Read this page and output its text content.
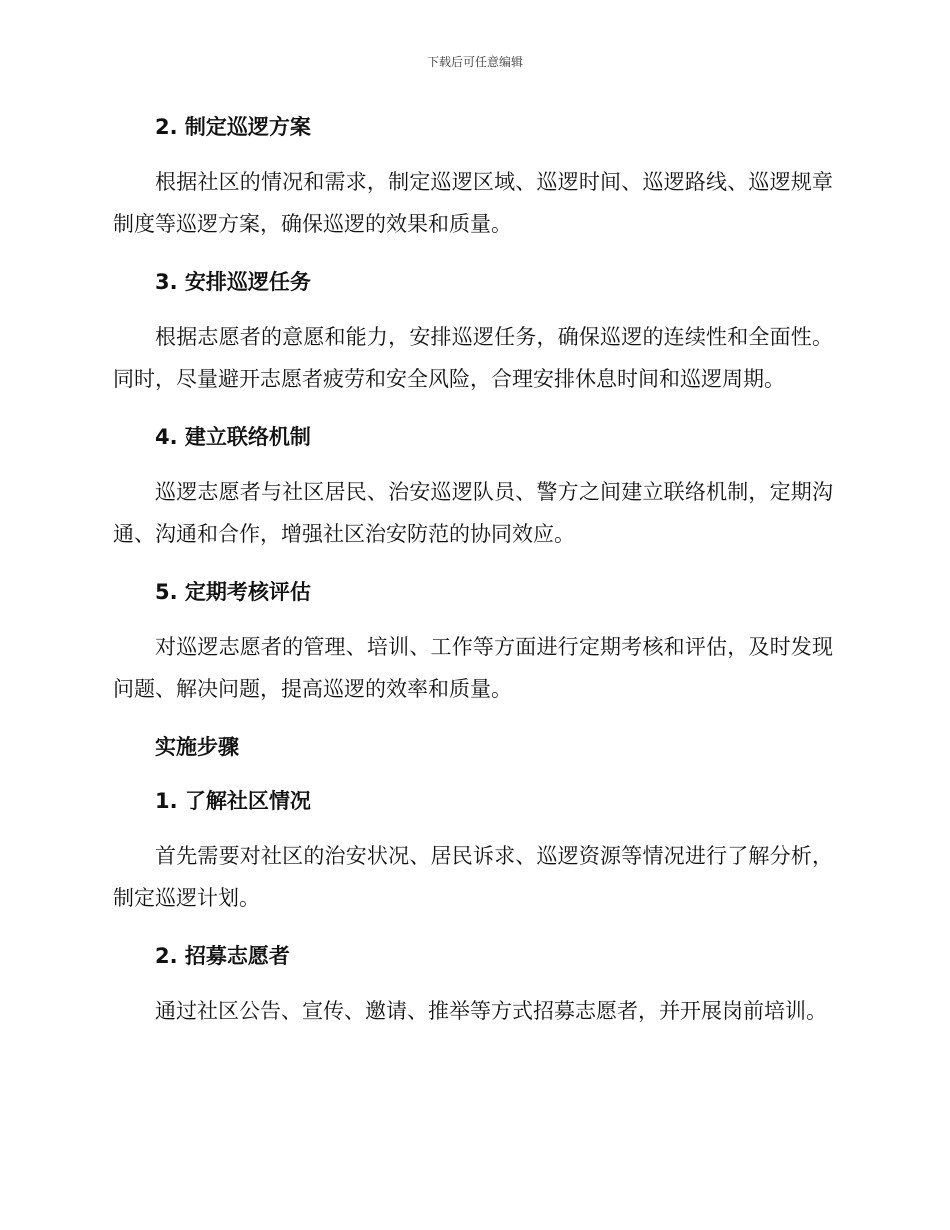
下载后可任意编辑
2. 制定巡逻方案

根据社区的情况和需求，制定巡逻区域、巡逻时间、巡逻路线、巡逻规章制度等巡逻方案，确保巡逻的效果和质量。

3. 安排巡逻任务

根据志愿者的意愿和能力，安排巡逻任务，确保巡逻的连续性和全面性。同时，尽量避开志愿者疲劳和安全风险，合理安排休息时间和巡逻周期。

4. 建立联络机制

巡逻志愿者与社区居民、治安巡逻队员、警方之间建立联络机制，定期沟通、沟通和合作，增强社区治安防范的协同效应。

5. 定期考核评估

对巡逻志愿者的管理、培训、工作等方面进行定期考核和评估，及时发现问题、解决问题，提高巡逻的效率和质量。

实施步骤
1. 了解社区情况

首先需要对社区的治安状况、居民诉求、巡逻资源等情况进行了解分析，制定巡逻计划。

2. 招募志愿者

通过社区公告、宣传、邀请、推举等方式招募志愿者，并开展岗前培训。
